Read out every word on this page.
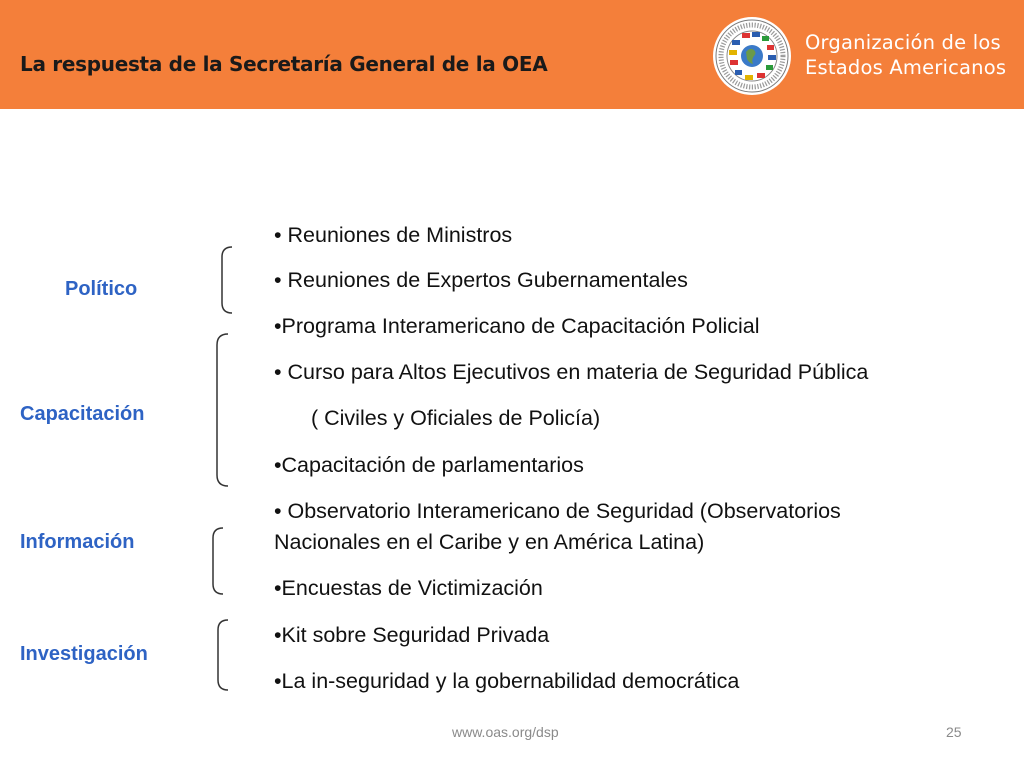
La respuesta de la Secretaría General de la OEA
Organización de los
Estados Americanos
Político
Capacitación
Información
Investigación
• Reuniones de Ministros
• Reuniones de Expertos Gubernamentales
•Programa Interamericano de Capacitación Policial
• Curso para Altos Ejecutivos en materia de Seguridad Pública
( Civiles y Oficiales de Policía)
•Capacitación de parlamentarios
• Observatorio Interamericano de Seguridad (Observatorios
Nacionales en el Caribe y en América Latina)
•Encuestas de Victimización
•Kit sobre Seguridad Privada
•La in-seguridad y la gobernabilidad democrática
www.oas.org/dsp	25
